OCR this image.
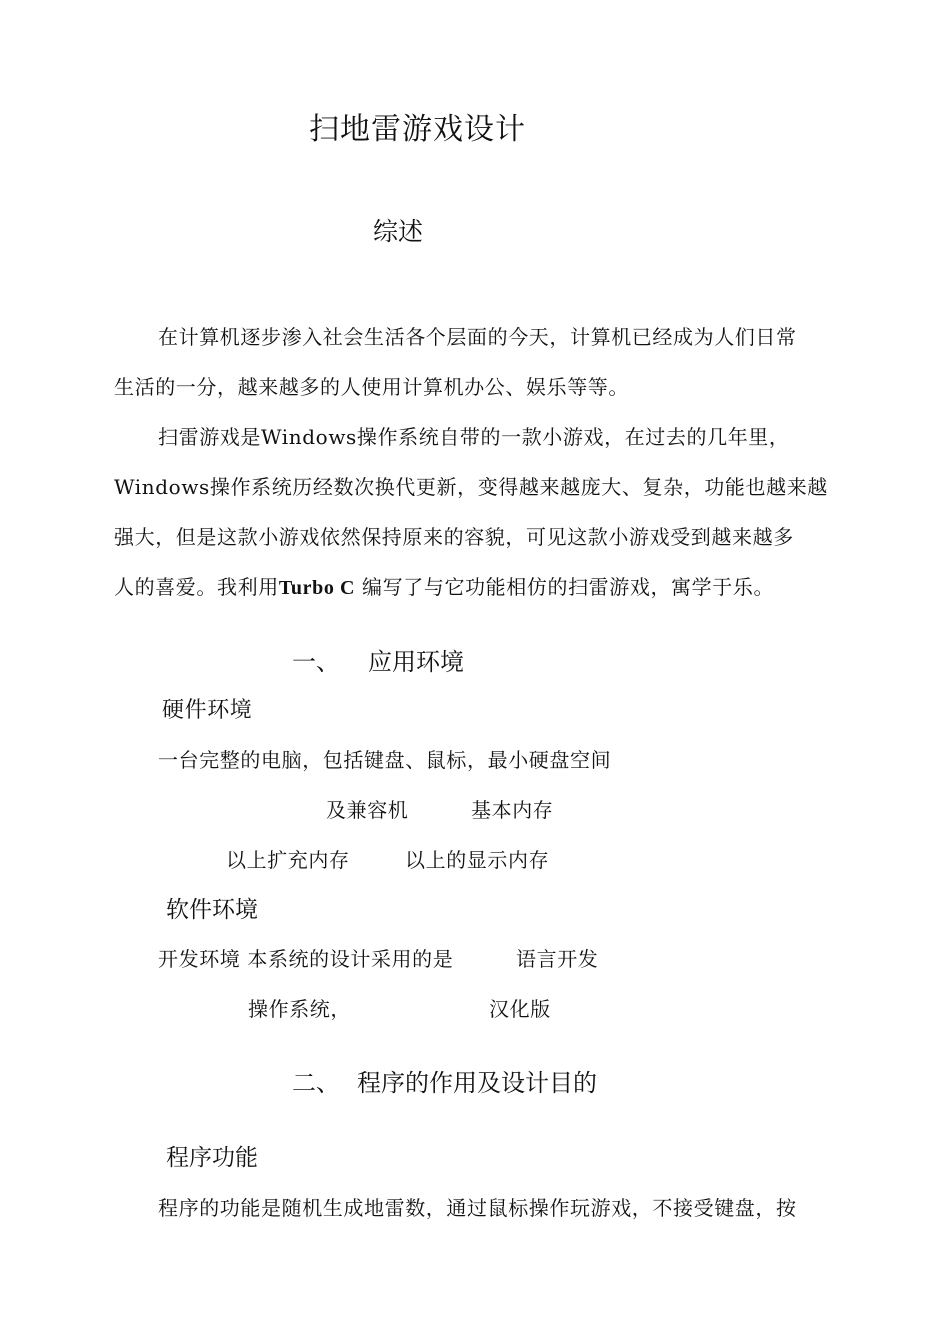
扫地雷游戏设计
综述
在计算机逐步渗入社会生活各个层面的今天，计算机已经成为人们日常
生活的一分，越来越多的人使用计算机办公、娱乐等等。
扫雷游戏是Windows操作系统自带的一款小游戏，在过去的几年里，
Windows操作系统历经数次换代更新，变得越来越庞大、复杂，功能也越来越
强大，但是这款小游戏依然保持原来的容貌，可见这款小游戏受到越来越多
人的喜爱。我利用Turbo C 编写了与它功能相仿的扫雷游戏，寓学于乐。
一、 应用环境
硬件环境
一台完整的电脑，包括键盘、鼠标，最小硬盘空间
及兼容机	基本内存
以上扩充内存	以上的显示内存
软件环境
开发环境 本系统的设计采用的是	语言开发
操作系统，	汉化版
二、 程序的作用及设计目的
程序功能
程序的功能是随机生成地雷数，通过鼠标操作玩游戏，不接受键盘，按
